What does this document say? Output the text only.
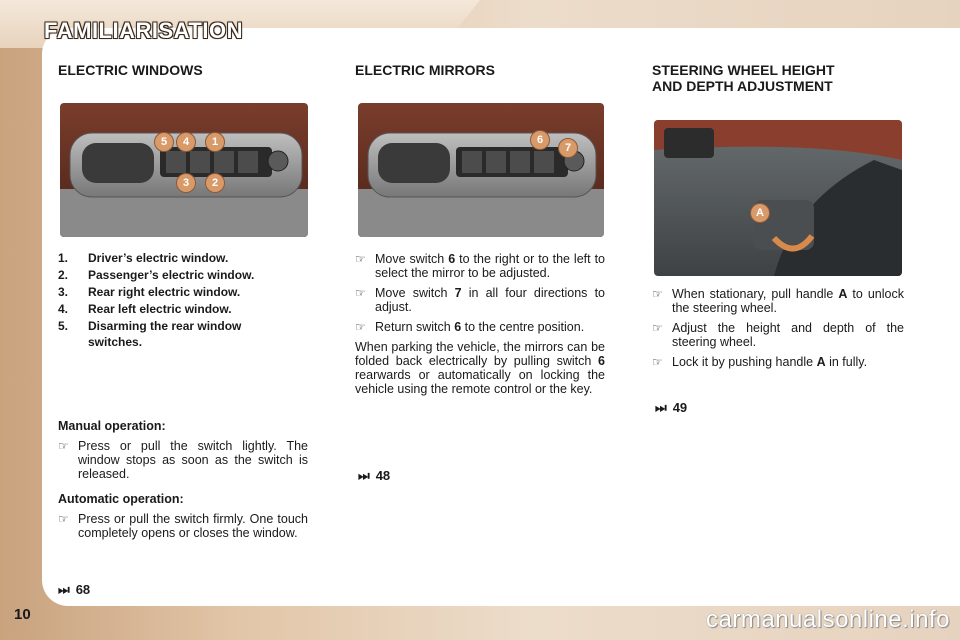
FAMILIARISATION
ELECTRIC WINDOWS
5	4	1
3	2
1.	Driver’s electric window.
2.	Passenger’s electric window.
3.	Rear right electric window.
4.	Rear left electric window.
5.	Disarming the rear window switches.

Manual operation:

☞ Press or pull the switch lightly. The window stops as soon as the switch is released.

Automatic operation:

☞ Press or pull the switch firmly. One touch completely opens or closes the window.
⏭ 68
ELECTRIC MIRRORS
6
7
☞ Move switch 6 to the right or to the left to select the mirror to be adjusted.
☞ Move switch 7 in all four directions to adjust.
☞ Return switch 6 to the centre position.
When parking the vehicle, the mirrors can be folded back electrically by pulling switch 6 rearwards or automatically on locking the vehicle using the remote control or the key.
⏭ 48
STEERING WHEEL HEIGHT
AND DEPTH ADJUSTMENT
A
☞ When stationary, pull handle A to unlock the steering wheel.
☞ Adjust the height and depth of the steering wheel.
☞ Lock it by pushing handle A in fully.
⏭ 49
10	carmanualsonline.info
